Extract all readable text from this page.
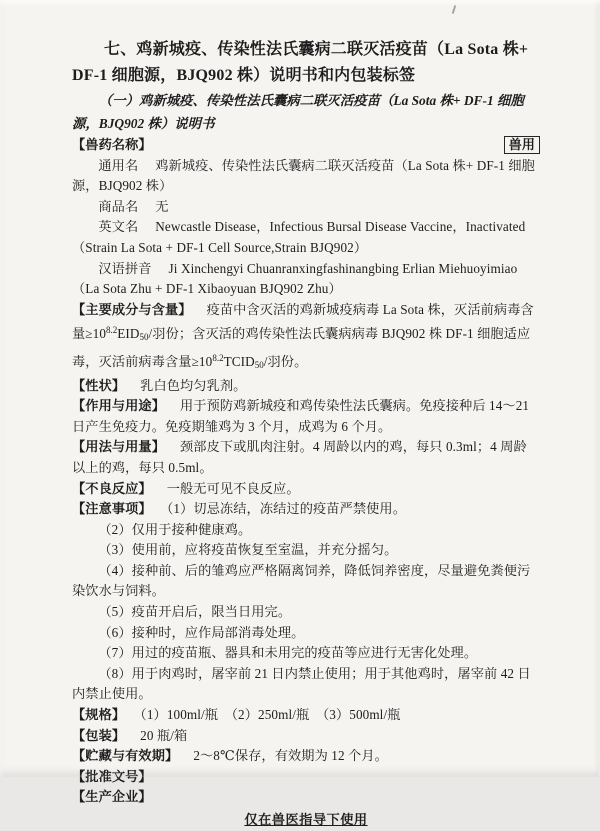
七、鸡新城疫、传染性法氏囊病二联灭活疫苗（La Sota 株+ DF-1 细胞源，BJQ902 株）说明书和内包装标签

（一）鸡新城疫、传染性法氏囊病二联灭活疫苗（La Sota 株+ DF-1 细胞源，BJQ902 株）说明书

兽用
【兽药名称】

通用名 鸡新城疫、传染性法氏囊病二联灭活疫苗（La Sota 株+ DF-1 细胞源，BJQ902 株）

商品名 无

英文名 Newcastle Disease，Infectious Bursal Disease Vaccine，Inactivated（Strain La Sota + DF-1 Cell Source,Strain BJQ902）

汉语拼音 Ji Xinchengyi Chuanranxingfashinangbing Erlian Miehuoyimiao（La Sota Zhu + DF-1 Xibaoyuan BJQ902 Zhu）

【主要成分与含量】 疫苗中含灭活的鸡新城疫病毒 La Sota 株，灭活前病毒含量$\ge 10^{8.2}EID_{50}/$羽份；含灭活的鸡传染性法氏囊病病毒 BJQ902 株 DF-1 细胞适应毒，灭活前病毒含量$\ge 10^{8.2}TCID_{50}/$羽份。

【性状】 乳白色均匀乳剂。

【作用与用途】 用于预防鸡新城疫和鸡传染性法氏囊病。免疫接种后 14～21 日产生免疫力。免疫期雏鸡为 3 个月，成鸡为 6 个月。

【用法与用量】 颈部皮下或肌肉注射。4 周龄以内的鸡，每只 0.3ml；4 周龄以上的鸡，每只 0.5ml。

【不良反应】 一般无可见不良反应。

【注意事项】 （1）切忌冻结，冻结过的疫苗严禁使用。

（2）仅用于接种健康鸡。

（3）使用前，应将疫苗恢复至室温，并充分摇匀。

（4）接种前、后的雏鸡应严格隔离饲养，降低饲养密度，尽量避免粪便污染饮水与饲料。

（5）疫苗开启后，限当日用完。

（6）接种时，应作局部消毒处理。

（7）用过的疫苗瓶、器具和未用完的疫苗等应进行无害化处理。

（8）用于肉鸡时，屠宰前 21 日内禁止使用；用于其他鸡时，屠宰前 42 日内禁止使用。

【规格】 （1）100ml/瓶　（2）250ml/瓶　（3）500ml/瓶

【包装】 20 瓶/箱

【贮藏与有效期】 2～8℃保存，有效期为 12 个月。

【批准文号】

【生产企业】

仅在兽医指导下使用
